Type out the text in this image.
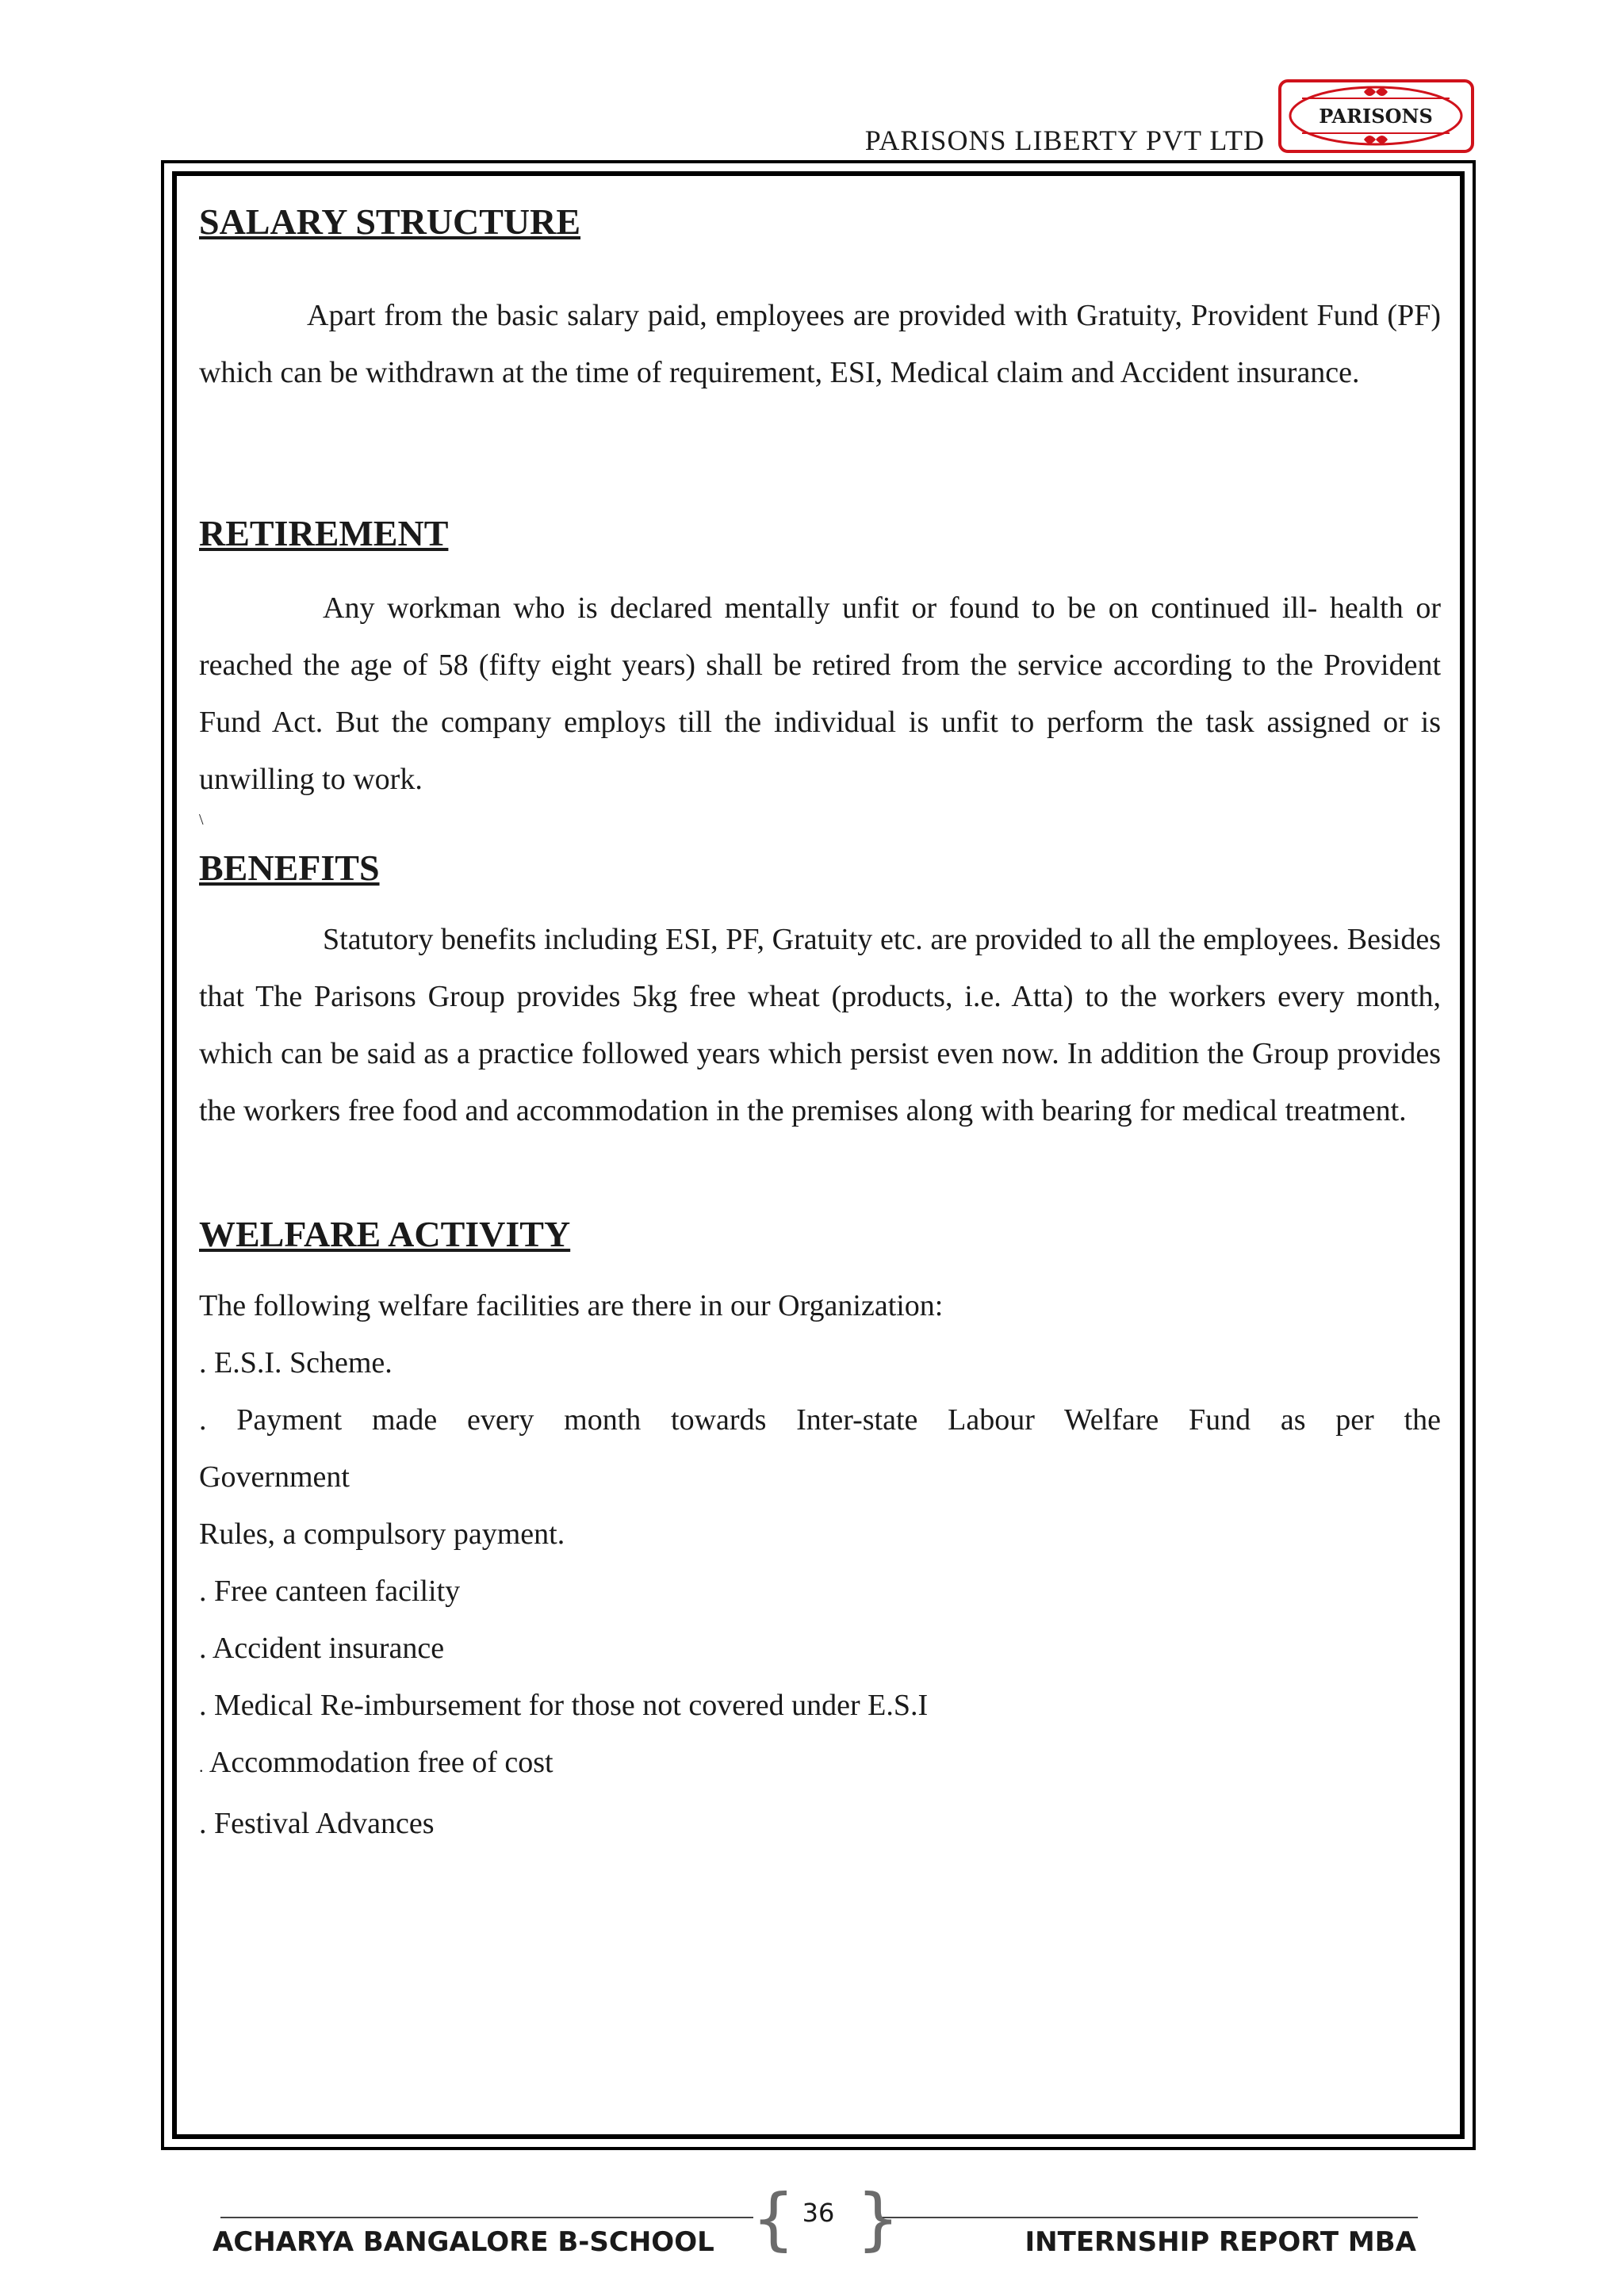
PARISONS LIBERTY PVT LTD
PARISONS
SALARY STRUCTURE

Apart from the basic salary paid, employees are provided with Gratuity, Provident Fund (PF) which can be withdrawn at the time of requirement, ESI, Medical claim and Accident insurance.

RETIREMENT

Any workman who is declared mentally unfit or found to be on continued ill- health or reached the age of 58 (fifty eight years) shall be retired from the service according to the Provident Fund Act. But the company employs till the individual is unfit to perform the task assigned or is unwilling to work.

\

BENEFITS

Statutory benefits including ESI, PF, Gratuity etc. are provided to all the employees. Besides that The Parisons Group provides 5kg free wheat (products, i.e. Atta) to the workers every month, which can be said as a practice followed years which persist even now. In addition the Group provides the workers free food and accommodation in the premises along with bearing for medical treatment.

WELFARE ACTIVITY

The following welfare facilities are there in our Organization:

. E.S.I. Scheme.

. Payment made every month towards Inter-state Labour Welfare Fund as per the

Government

Rules, a compulsory payment.

. Free canteen facility

. Accident insurance

. Medical Re-imbursement for those not covered under E.S.I

. Accommodation free of cost

. Festival Advances

{ }
36
ACHARYA BANGALORE B-SCHOOL	INTERNSHIP REPORT MBA
